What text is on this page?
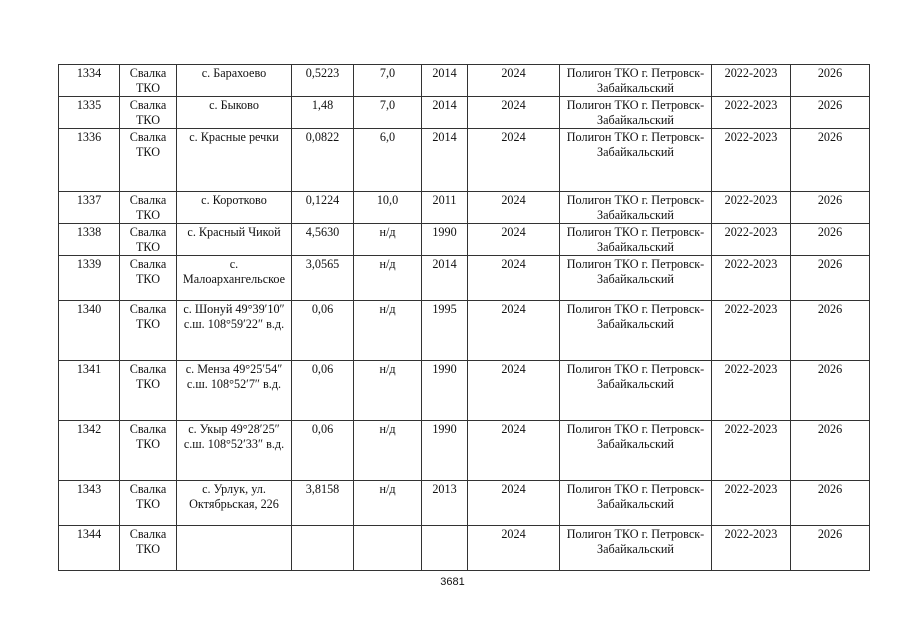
1334	Свалка ТКО	с. Барахоево	0,5223	7,0	2014	2024	Полигон ТКО г. Петровск-Забайкальский	2022-2023	2026

1335	Свалка ТКО	с. Быково	1,48	7,0	2014	2024	Полигон ТКО г. Петровск-Забайкальский	2022-2023	2026

1336	Свалка ТКО	с. Красные речки	0,0822	6,0	2014	2024	Полигон ТКО г. Петровск-Забайкальский	2022-2023	2026

1337	Свалка ТКО	с. Коротково	0,1224	10,0	2011	2024	Полигон ТКО г. Петровск-Забайкальский	2022-2023	2026

1338	Свалка ТКО	с. Красный Чикой	4,5630	н/д	1990	2024	Полигон ТКО г. Петровск-Забайкальский	2022-2023	2026

1339	Свалка ТКО	с. Малоархангельское	3,0565	н/д	2014	2024	Полигон ТКО г. Петровск-Забайкальский	2022-2023	2026

1340	Свалка ТКО	с. Шонуй 49°39′10″ с.ш. 108°59′22″ в.д.	0,06	н/д	1995	2024	Полигон ТКО г. Петровск-Забайкальский	2022-2023	2026

1341	Свалка ТКО	с. Менза 49°25′54″ с.ш. 108°52′7″ в.д.	0,06	н/д	1990	2024	Полигон ТКО г. Петровск-Забайкальский	2022-2023	2026

1342	Свалка ТКО	с. Укыр 49°28′25″ с.ш. 108°52′33″ в.д.	0,06	н/д	1990	2024	Полигон ТКО г. Петровск-Забайкальский	2022-2023	2026

1343	Свалка ТКО	с. Урлук, ул. Октябрьская, 226	3,8158	н/д	2013	2024	Полигон ТКО г. Петровск-Забайкальский	2022-2023	2026

1344	Свалка ТКО					2024	Полигон ТКО г. Петровск-Забайкальский	2022-2023	2026
3681
